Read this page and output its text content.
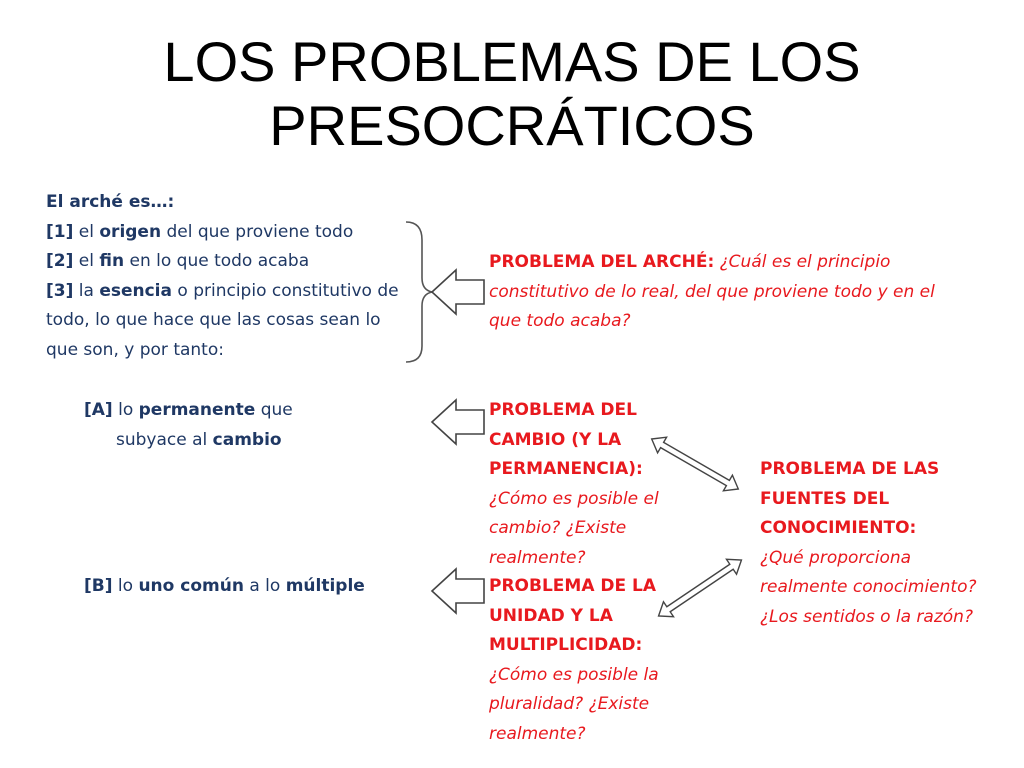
LOS PROBLEMAS DE LOS
PRESOCRÁTICOS
El arché es…:
[1] el origen del que proviene todo
[2] el fin en lo que todo acaba
[3] la esencia o principio constitutivo de
todo, lo que hace que las cosas sean lo
que son, y por tanto:
[A] lo permanente que
subyace al cambio
[B] lo uno común a lo múltiple
PROBLEMA DEL ARCHÉ: ¿Cuál es el principio
constitutivo de lo real, del que proviene todo y en el
que todo acaba?
PROBLEMA DEL
CAMBIO (Y LA
PERMANENCIA):
¿Cómo es posible el
cambio? ¿Existe
realmente?
PROBLEMA DE LA
UNIDAD Y LA
MULTIPLICIDAD:
¿Cómo es posible la
pluralidad? ¿Existe
realmente?
PROBLEMA DE LAS
FUENTES DEL
CONOCIMIENTO:
¿Qué proporciona
realmente conocimiento?
¿Los sentidos o la razón?
